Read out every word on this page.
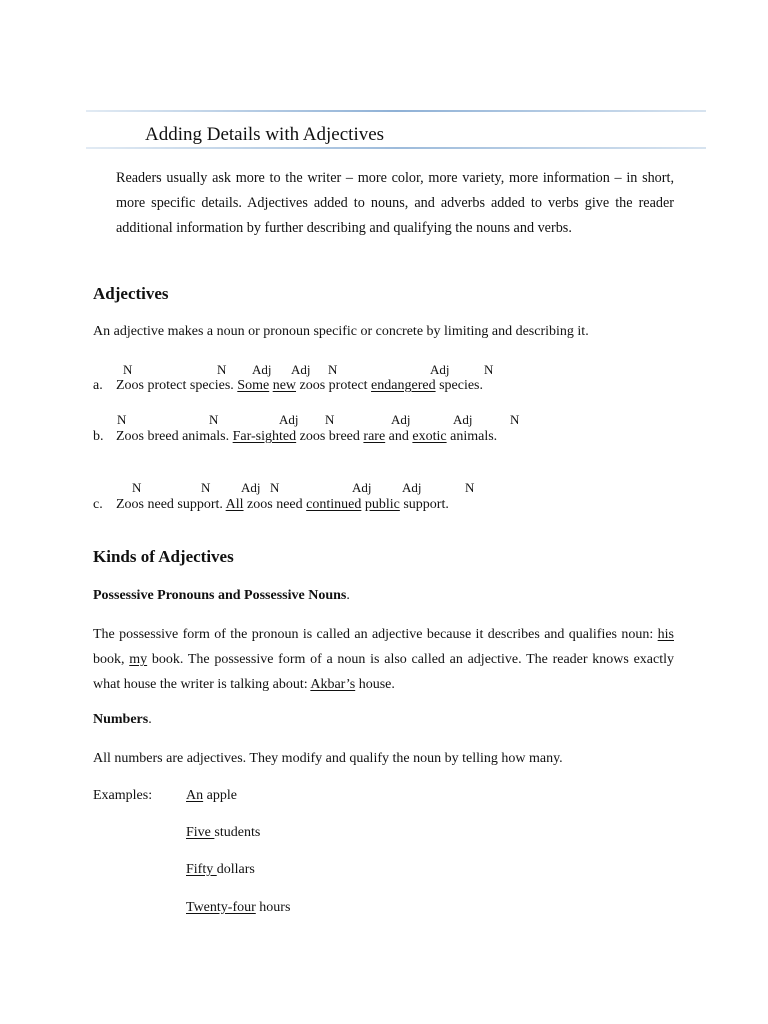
Adding Details with Adjectives
Readers usually ask more to the writer – more color, more variety, more information – in short, more specific details. Adjectives added to nouns, and adverbs added to verbs give the reader additional information by further describing and qualifying the nouns and verbs.
Adjectives
An adjective makes a noun or pronoun specific or concrete by limiting and describing it.
N	N Adj Adj N	Adj	N
a. Zoos protect species. Some new zoos protect endangered species.
N	N	Adj N	Adj	Adj	N
b. Zoos breed animals. Far-sighted zoos breed rare and exotic animals.
N	N Adj N	Adj Adj	N
c. Zoos need support. All zoos need continued public support.
Kinds of Adjectives
Possessive Pronouns and Possessive Nouns.
The possessive form of the pronoun is called an adjective because it describes and qualifies noun: his book, my book. The possessive form of a noun is also called an adjective. The reader knows exactly what house the writer is talking about: Akbar’s house.
Numbers.
All numbers are adjectives. They modify and qualify the noun by telling how many.
Examples: An apple
Five students
Fifty dollars
Twenty-four hours
